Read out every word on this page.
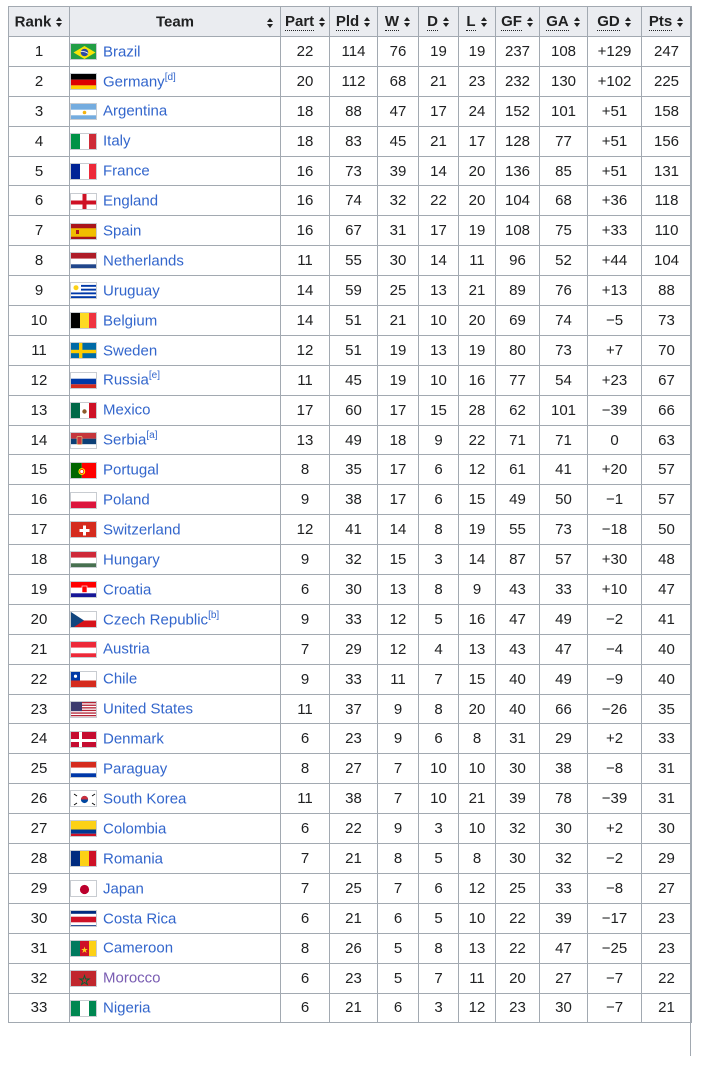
Rank	Team	Part	Pld	W	D	L	GF	GA	GD	Pts

1	Brazil	22	114	76	19	19	237	108	+129	247
2	Germany[d]	20	112	68	21	23	232	130	+102	225
3	Argentina	18	88	47	17	24	152	101	+51	158
4	Italy	18	83	45	21	17	128	77	+51	156
5	France	16	73	39	14	20	136	85	+51	131
6	England	16	74	32	22	20	104	68	+36	118
7	Spain	16	67	31	17	19	108	75	+33	110
8	Netherlands	11	55	30	14	11	96	52	+44	104
9	Uruguay	14	59	25	13	21	89	76	+13	88
10	Belgium	14	51	21	10	20	69	74	−5	73
11	Sweden	12	51	19	13	19	80	73	+7	70
12	Russia[e]	11	45	19	10	16	77	54	+23	67
13	Mexico	17	60	17	15	28	62	101	−39	66
14	Serbia[a]	13	49	18	9	22	71	71	0	63
15	Portugal	8	35	17	6	12	61	41	+20	57
16	Poland	9	38	17	6	15	49	50	−1	57
17	Switzerland	12	41	14	8	19	55	73	−18	50
18	Hungary	9	32	15	3	14	87	57	+30	48
19	Croatia	6	30	13	8	9	43	33	+10	47
20	Czech Republic[b]	9	33	12	5	16	47	49	−2	41
21	Austria	7	29	12	4	13	43	47	−4	40
22	Chile	9	33	11	7	15	40	49	−9	40
23	United States	11	37	9	8	20	40	66	−26	35
24	Denmark	6	23	9	6	8	31	29	+2	33
25	Paraguay	8	27	7	10	10	30	38	−8	31
26	South Korea	11	38	7	10	21	39	78	−39	31
27	Colombia	6	22	9	3	10	32	30	+2	30
28	Romania	7	21	8	5	8	30	32	−2	29
29	Japan	7	25	7	6	12	25	33	−8	27
30	Costa Rica	6	21	6	5	10	22	39	−17	23
31	Cameroon	8	26	5	8	13	22	47	−25	23
32	Morocco	6	23	5	7	11	20	27	−7	22
33	Nigeria	6	21	6	3	12	23	30	−7	21
